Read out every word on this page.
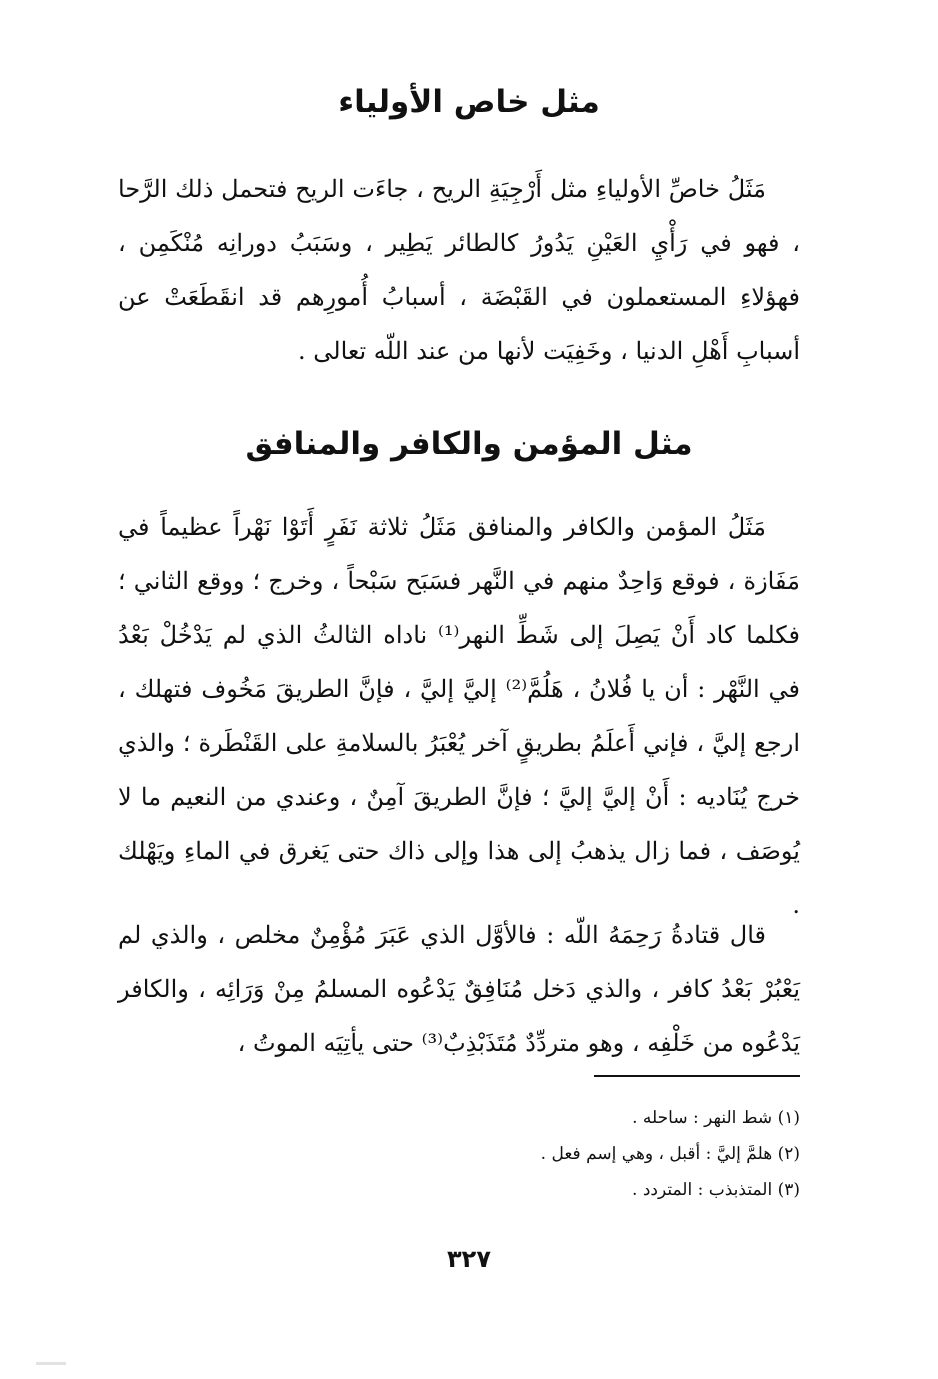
مثل خاص الأولياء

مَثَلُ خاصِّ الأولياءِ مثل أَرْجِيَةِ الريح ، جاءَت الريح فتحمل ذلك الرَّحا ، فهو في رَأْيِ العَيْنِ يَدُورُ كالطائر يَطِير ، وسَبَبُ دورانِه مُنْكَمِن ، فهؤلاءِ المستعملون في القَبْضَة ، أسبابُ أُمورِهم قد انقَطَعَتْ عن أسبابِ أَهْلِ الدنيا ، وخَفِيَت لأنها من عند اللّه تعالى .

مثل المؤمن والكافر والمنافق

مَثَلُ المؤمن والكافر والمنافق مَثَلُ ثلاثة نَفَرٍ أَتَوْا نَهْراً عظيماً في مَفَازة ، فوقع وَاحِدٌ منهم في النَّهر فسَبَح سَبْحاً ، وخرج ؛ ووقع الثاني ؛ فكلما كاد أَنْ يَصِلَ إلى شَطِّ النهر⁽¹⁾ ناداه الثالثُ الذي لم يَدْخُلْ بَعْدُ في النَّهْر : أن يا فُلانُ ، هَلُمَّ⁽²⁾ إليَّ إليَّ ، فإنَّ الطريقَ مَخُوف فتهلك ، ارجع إليَّ ، فإني أَعلَمُ بطريقٍ آخر يُعْبَرُ بالسلامةِ على القَنْطَرة ؛ والذي خرج يُنَاديه : أَنْ إليَّ إليَّ ؛ فإنَّ الطريقَ آمِنٌ ، وعندي من النعيم ما لا يُوصَف ، فما زال يذهبُ إلى هذا وإلى ذاك حتى يَغرق في الماءِ ويَهْلك .

قال قتادةُ رَحِمَهُ اللّه : فالأوَّل الذي عَبَرَ مُؤْمِنٌ مخلص ، والذي لم يَعْبُرْ بَعْدُ كافر ، والذي دَخل مُنَافِقٌ يَدْعُوه المسلمُ مِنْ وَرَائِه ، والكافر يَدْعُوه من خَلْفِه ، وهو متردِّدٌ مُتَذَبْذِبٌ⁽³⁾ حتى يأتِيَه الموتُ ،

(١) شط النهر : ساحله .
(٢) هلمَّ إليَّ : أقبل ، وهي إسم فعل .
(٣) المتذبذب : المتردد .
٣٢٧
